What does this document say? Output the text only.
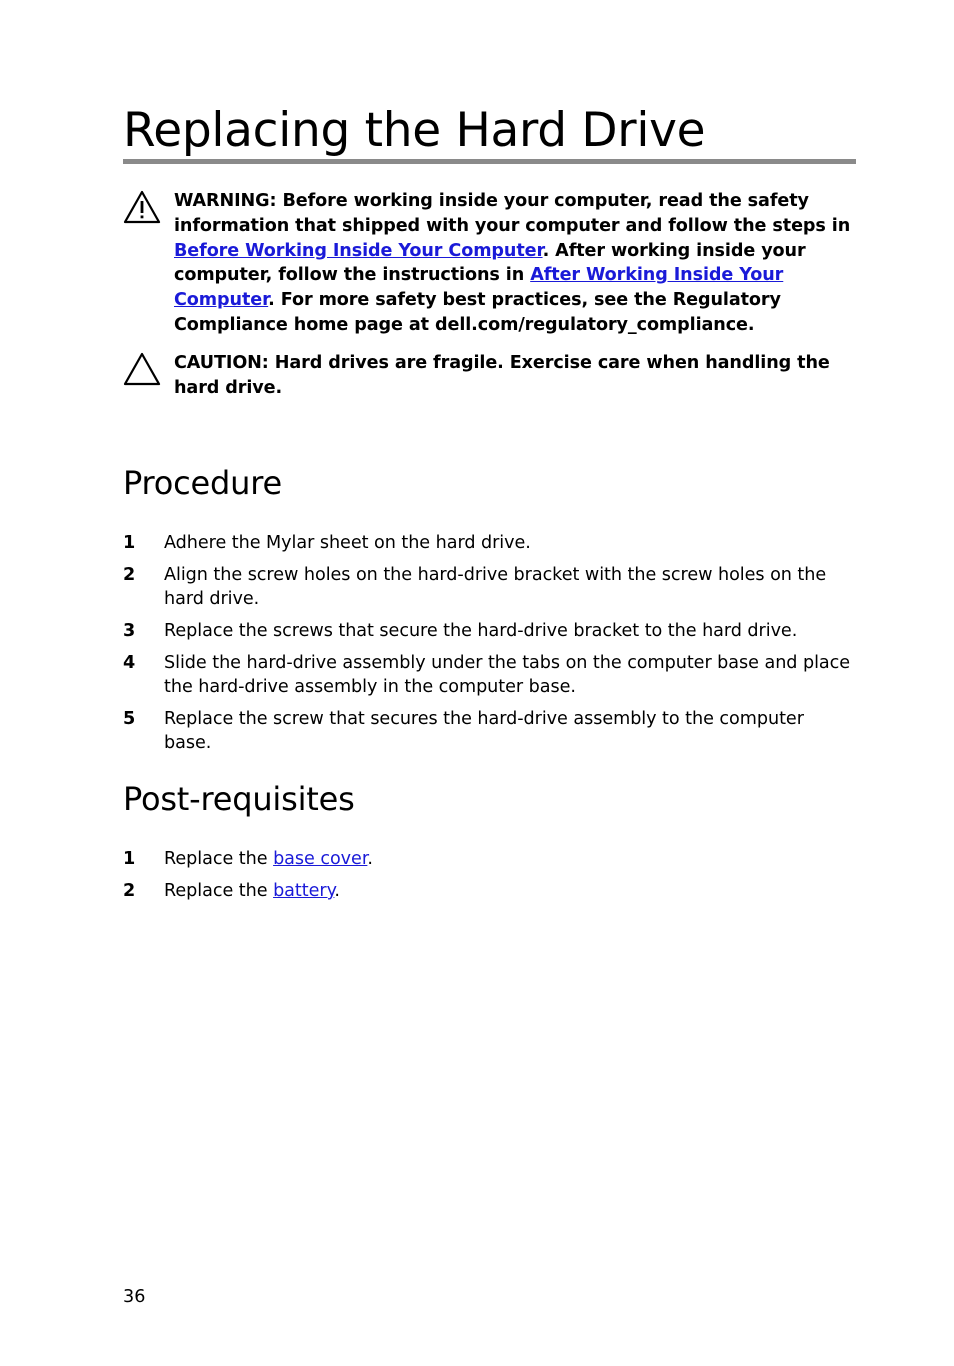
Replacing the Hard Drive
WARNING: Before working inside your computer, read the safety information that shipped with your computer and follow the steps in Before Working Inside Your Computer. After working inside your computer, follow the instructions in After Working Inside Your Computer. For more safety best practices, see the Regulatory Compliance home page at dell.com/regulatory_compliance.
CAUTION: Hard drives are fragile. Exercise care when handling the hard drive.
Procedure
1 Adhere the Mylar sheet on the hard drive.
2 Align the screw holes on the hard-drive bracket with the screw holes on the hard drive.
3 Replace the screws that secure the hard-drive bracket to the hard drive.
4 Slide the hard-drive assembly under the tabs on the computer base and place the hard-drive assembly in the computer base.
5 Replace the screw that secures the hard-drive assembly to the computer base.
Post-requisites
1 Replace the base cover.
2 Replace the battery.
36
